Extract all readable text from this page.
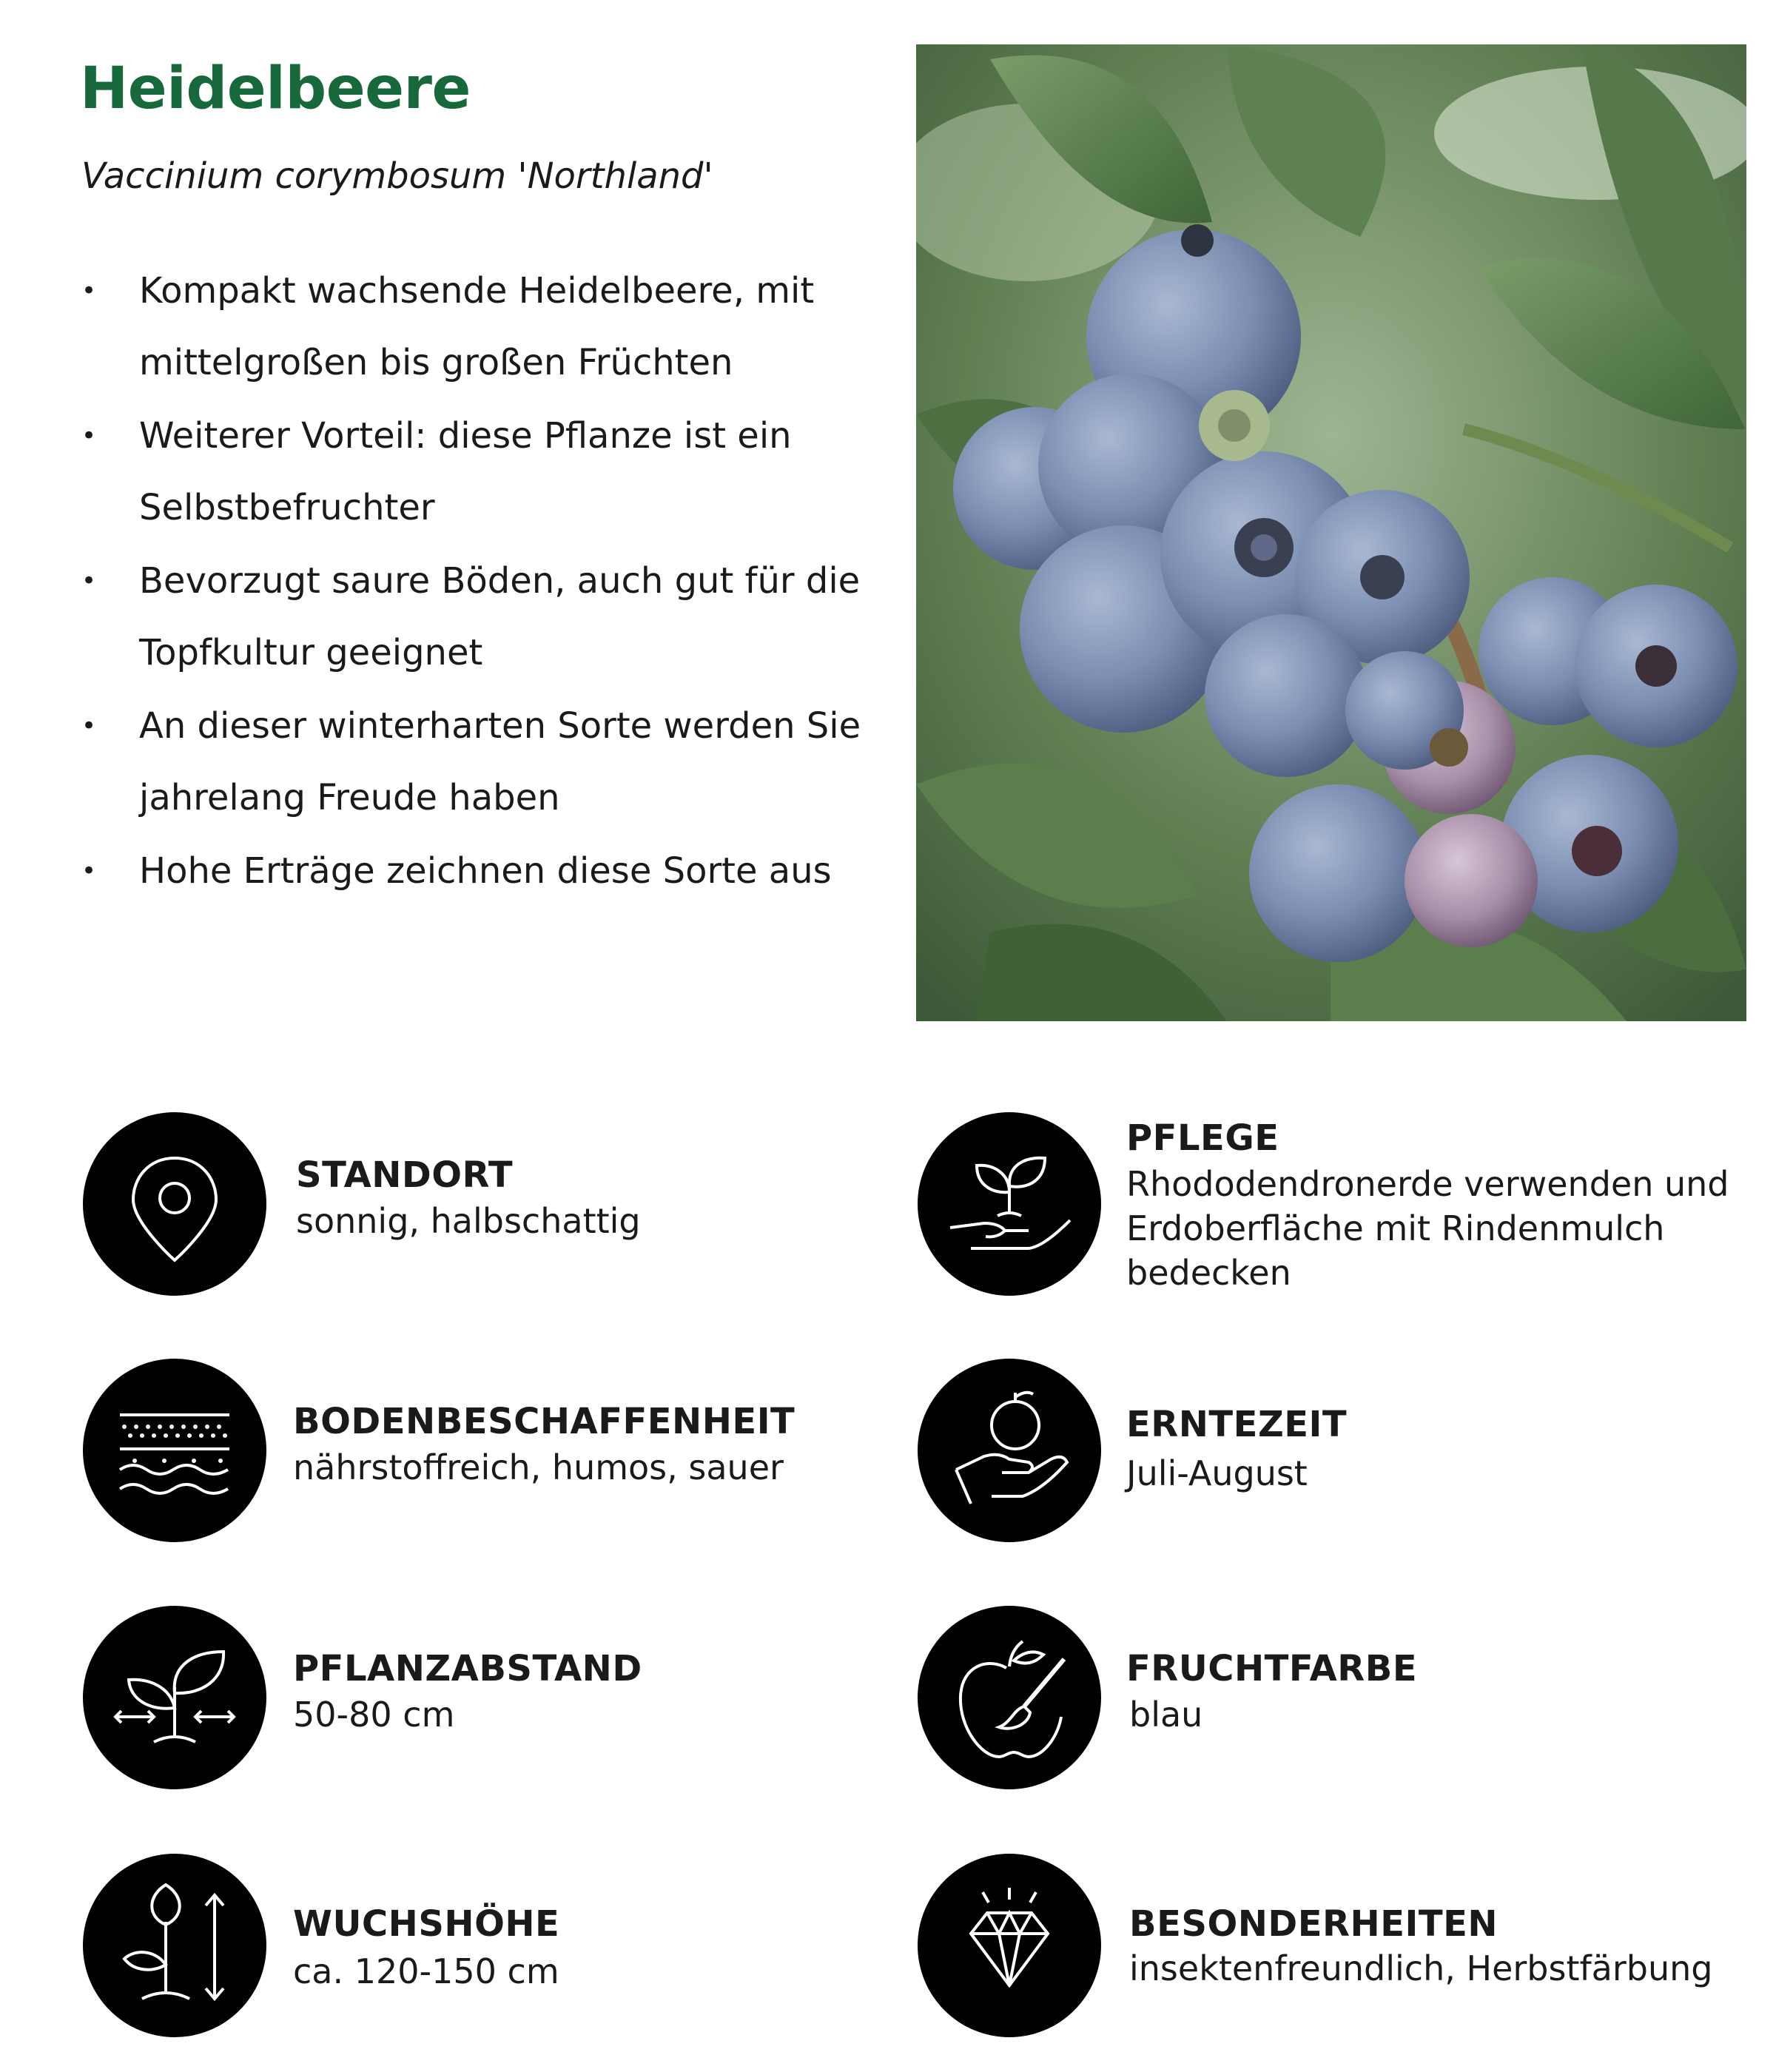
Heidelbeere

Vaccinium corymbosum 'Northland'

• Kompakt wachsende Heidelbeere, mit
mittelgroßen bis großen Früchten
• Weiterer Vorteil: diese Pflanze ist ein
Selbstbefruchter
• Bevorzugt saure Böden, auch gut für die
Topfkultur geeignet
• An dieser winterharten Sorte werden Sie
jahrelang Freude haben
• Hohe Erträge zeichnen diese Sorte aus
STANDORT
sonnig, halbschattig
BODENBESCHAFFENHEIT
nährstoffreich, humos, sauer
PFLANZABSTAND
50-80 cm
WUCHSHÖHE
ca. 120-150 cm
PFLEGE
Rhododendronerde verwenden und
Erdoberfläche mit Rindenmulch
bedecken
ERNTEZEIT
Juli-August
FRUCHTFARBE
blau
BESONDERHEITEN
insektenfreundlich, Herbstfärbung
